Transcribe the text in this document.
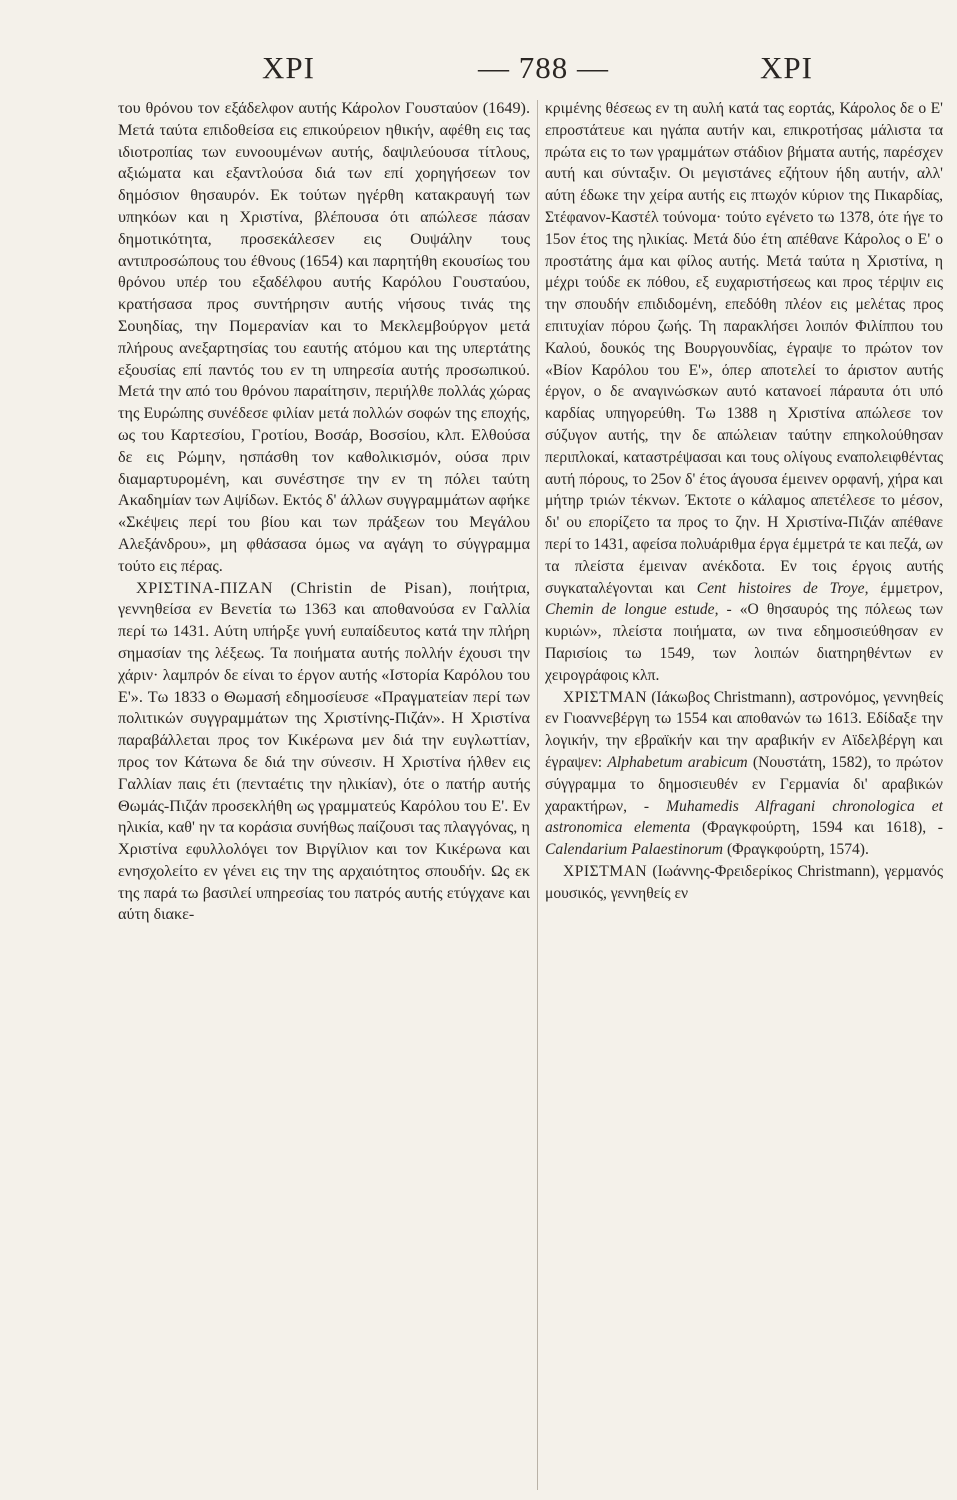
ΧΡΙ	— 788 —	ΧΡΙ

του θρόνου τον εξάδελφον αυτής Κάρολον Γουσταύον (1649). Μετά ταύτα επιδοθείσα εις επικούρειον ηθικήν, αφέθη εις τας ιδιοτροπίας των ευνοουμένων αυτής, δαψιλεύουσα τίτλους, αξιώματα και εξαντλούσα διά των επί χορηγήσεων τον δημόσιον θησαυρόν. Εκ τούτων ηγέρθη κατακραυγή των υπηκόων και η Χριστίνα, βλέπουσα ότι απώλεσε πάσαν δημοτικότητα, προσεκάλεσεν εις Ουψάλην τους αντιπροσώπους του έθνους (1654) και παρητήθη εκουσίως του θρόνου υπέρ του εξαδέλφου αυτής Καρόλου Γουσταύου, κρατήσασα προς συντήρησιν αυτής νήσους τινάς της Σουηδίας, την Πομερανίαν και το Μεκλεμβούργον μετά πλήρους ανεξαρτησίας του εαυτής ατόμου και της υπερτάτης εξουσίας επί παντός του εν τη υπηρεσία αυτής προσωπικού. Μετά την από του θρόνου παραίτησιν, περιήλθε πολλάς χώρας της Ευρώπης συνέδεσε φιλίαν μετά πολλών σοφών της εποχής, ως του Καρτεσίου, Γροτίου, Βοσάρ, Βοσσίου, κλπ. Ελθούσα δε εις Ρώμην, ησπάσθη τον καθολικισμόν, ούσα πριν διαμαρτυρομένη, και συνέστησε την εν τη πόλει ταύτη Ακαδημίαν των Αψίδων. Εκτός δ' άλλων συγγραμμάτων αφήκε «Σκέψεις περί του βίου και των πράξεων του Μεγάλου Αλεξάνδρου», μη φθάσασα όμως να αγάγη το σύγγραμμα τούτο εις πέρας.

ΧΡΙΣΤΙΝΑ-ΠΙΖΑΝ (Christin de Pisan), ποιήτρια, γεννηθείσα εν Βενετία τω 1363 και αποθανούσα εν Γαλλία περί τω 1431. Αύτη υπήρξε γυνή ευπαίδευτος κατά την πλήρη σημασίαν της λέξεως. Τα ποιήματα αυτής πολλήν έχουσι την χάριν· λαμπρόν δε είναι το έργον αυτής «Ιστορία Καρόλου του Ε'». Τω 1833 ο Θωμασή εδημοσίευσε «Πραγματείαν περί των πολιτικών συγγραμμάτων της Χριστίνης-Πιζάν». Η Χριστίνα παραβάλλεται προς τον Κικέρωνα μεν διά την ευγλωττίαν, προς τον Κάτωνα δε διά την σύνεσιν. Η Χριστίνα ήλθεν εις Γαλλίαν παις έτι (πενταέτις την ηλικίαν), ότε ο πατήρ αυτής Θωμάς-Πιζάν προσεκλήθη ως γραμματεύς Καρόλου του Ε'. Εν ηλικία, καθ' ην τα κοράσια συνήθως παίζουσι τας πλαγγόνας, η Χριστίνα εφυλλολόγει τον Βιργίλιον και τον Κικέρωνα και ενησχολείτο εν γένει εις την της αρχαιότητος σπουδήν. Ως εκ της παρά τω βασιλεί υπηρεσίας του πατρός αυτής ετύγχανε και αύτη διακε-

κριμένης θέσεως εν τη αυλή κατά τας εορτάς, Κάρολος δε ο Ε' επροστάτευε και ηγάπα αυτήν και, επικροτήσας μάλιστα τα πρώτα εις το των γραμμάτων στάδιον βήματα αυτής, παρέσχεν αυτή και σύνταξιν. Οι μεγιστάνες εζήτουν ήδη αυτήν, αλλ' αύτη έδωκε την χείρα αυτής εις πτωχόν κύριον της Πικαρδίας, Στέφανον-Καστέλ τούνομα· τούτο εγένετο τω 1378, ότε ήγε το 15ον έτος της ηλικίας. Μετά δύο έτη απέθανε Κάρολος ο Ε' ο προστάτης άμα και φίλος αυτής. Μετά ταύτα η Χριστίνα, η μέχρι τούδε εκ πόθου, εξ ευχαριστήσεως και προς τέρψιν εις την σπουδήν επιδιδομένη, επεδόθη πλέον εις μελέτας προς επιτυχίαν πόρου ζωής. Τη παρακλήσει λοιπόν Φιλίππου του Καλού, δουκός της Βουργουνδίας, έγραψε το πρώτον τον «Βίον Καρόλου του Ε'», όπερ αποτελεί το άριστον αυτής έργον, ο δε αναγινώσκων αυτό κατανοεί πάραυτα ότι υπό καρδίας υπηγορεύθη. Τω 1388 η Χριστίνα απώλεσε τον σύζυγον αυτής, την δε απώλειαν ταύτην επηκολούθησαν περιπλοκαί, καταστρέψασαι και τους ολίγους εναπολειφθέντας αυτή πόρους, το 25ον δ' έτος άγουσα έμεινεν ορφανή, χήρα και μήτηρ τριών τέκνων. Έκτοτε ο κάλαμος απετέλεσε το μέσον, δι' ου επορίζετο τα προς το ζην. Η Χριστίνα-Πιζάν απέθανε περί το 1431, αφείσα πολυάριθμα έργα έμμετρά τε και πεζά, ων τα πλείστα έμειναν ανέκδοτα. Εν τοις έργοις αυτής συγκαταλέγονται και Cent histoires de Troye, έμμετρον, Chemin de longue estude, - «Ο θησαυρός της πόλεως των κυριών», πλείστα ποιήματα, ων τινα εδημοσιεύθησαν εν Παρισίοις τω 1549, των λοιπών διατηρηθέντων εν χειρογράφοις κλπ.

ΧΡΙΣΤΜΑΝ (Ιάκωβος Christmann), αστρονόμος, γεννηθείς εν Γιοαννεβέργη τω 1554 και αποθανών τω 1613. Εδίδαξε την λογικήν, την εβραϊκήν και την αραβικήν εν Αϊδελβέργη και έγραψεν: Alphabetum arabicum (Νουστάτη, 1582), το πρώτον σύγγραμμα το δημοσιευθέν εν Γερμανία δι' αραβικών χαρακτήρων, - Muhamedis Alfragani chronologica et astronomica elementa (Φραγκφούρτη, 1594 και 1618), - Calendarium Palaestinorum (Φραγκφούρτη, 1574).

ΧΡΙΣΤΜΑΝ (Ιωάννης-Φρειδερίκος Christmann), γερμανός μουσικός, γεννηθείς εν
